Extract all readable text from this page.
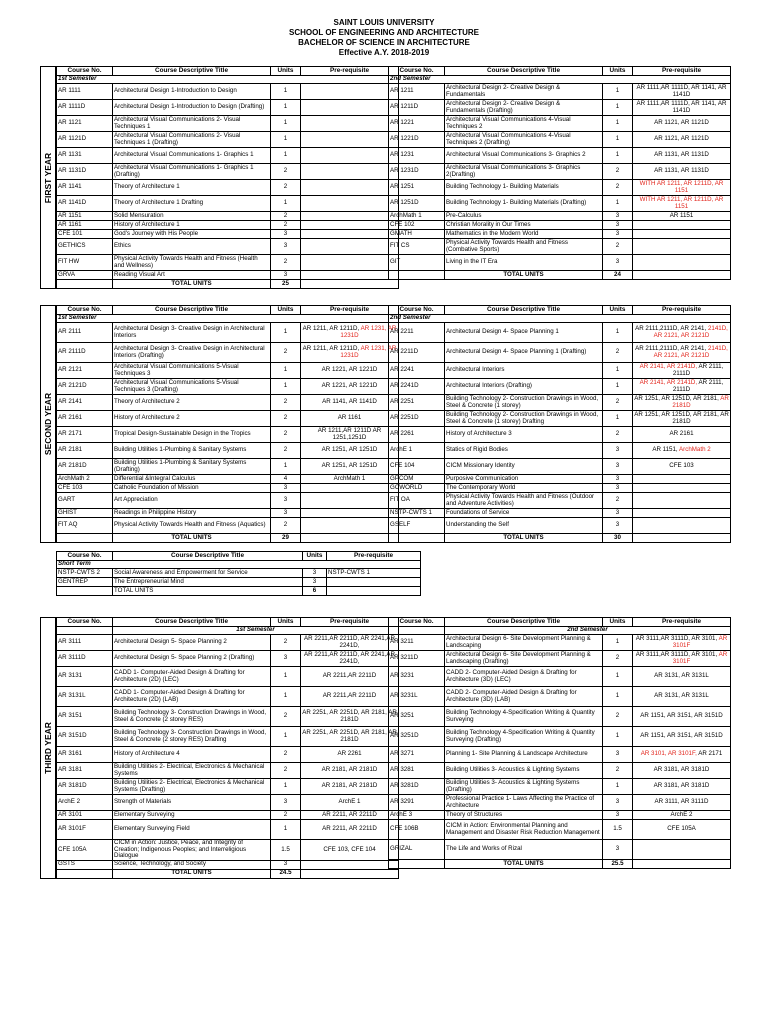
SAINT LOUIS UNIVERSITY
SCHOOL OF ENGINEERING AND ARCHITECTURE
BACHELOR OF SCIENCE IN ARCHITECTURE
Effective A.Y. 2018-2019
Course No.	Course Descriptive Title	Units	Pre-requisite
1st Semester			
AR 1111	Architectural Design 1-Introduction to Design	1	
AR 1111D	Architectural Design 1-Introduction to Design (Drafting)	1	
AR 1121	Architectural Visual Communications 2- Visual Techniques 1	1	
AR 1121D	Architectural Visual Communications 2- Visual Techniques 1 (Drafting)	1	
AR 1131	Architectural Visual Communications 1- Graphics 1	1	
AR 1131D	Architectural Visual Communications 1- Graphics 1 (Drafting)	2	
AR 1141	Theory of Architecture 1	2	
AR 1141D	Theory of Architecture 1 Drafting	1	
AR 1151	Solid Mensuration	2	
AR 1161	History of Architecture 1	2	
CFE 101	God's Journey with His People	3	
GETHICS	Ethics	3	
FIT HW	Physical Activity Towards Health and Fitness (Health and Wellness)	2	
GRVA	Reading Visual Art	3	
	TOTAL UNITS	25	
Course No.	Course Descriptive Title	Units	Pre-requisite
2nd Semester			
AR 1211	Architectural Design 2- Creative Design & Fundamentals	1	AR 1111,AR 1111D, AR 1141, AR 1141D
AR 1211D	Architectural Design 2- Creative Design & Fundamentals (Drafting)	1	AR 1111,AR 1111D, AR 1141, AR 1141D
AR 1221	Architectural Visual Communications 4-Visual Techniques 2	1	AR 1121, AR 1121D
AR 1221D	Architectural Visual Communications 4-Visual Techniques 2 (Drafting)	1	AR 1121, AR 1121D
AR 1231	Architectural Visual Communications 3- Graphics 2	1	AR 1131, AR 1131D
AR 1231D	Architectural Visual Communications 3- Graphics 2(Drafting)	2	AR 1131, AR 1131D
AR 1251	Building Technology 1- Building Materials	2	WITH AR 1211, AR 1211D, AR 1151
AR 1251D	Building Technology 1- Building Materials (Drafting)	1	WITH AR 1211, AR 1211D, AR 1151
ArchMath 1	Pre-Calculus	3	AR 1151
CFE 102	Christian Morality in Our Times	3	
GMATH	Mathematics in the Modern World	3	
FIT CS	Physical Activity Towards Health and Fitness (Combative Sports)	2	
GIT	Living in the IT Era	3	
	TOTAL UNITS	24	
FIRST YEAR
Course No.	Course Descriptive Title	Units	Pre-requisite
1st Semester			
AR 2111	Architectural Design 3- Creative Design in Architectural Interiors	1	AR 1211, AR 1211D, AR 1231, AR 1231D
AR 2111D	Architectural Design 3- Creative Design in Architectural Interiors (Drafting)	2	AR 1211, AR 1211D, AR 1231, AR 1231D
AR 2121	Architectural Visual Communications 5-Visual Techniques 3	1	AR 1221, AR 1221D
AR 2121D	Architectural Visual Communications 5-Visual Techniques 3 (Drafting)	1	AR 1221, AR 1221D
AR 2141	Theory of Architecture 2	2	AR 1141, AR 1141D
AR 2161	History of Architecture 2	2	AR 1161
AR 2171	Tropical Design-Sustainable Design in the Tropics	2	AR 1211,AR 1211D AR 1251,1251D
AR 2181	Building Utilities 1-Plumbing & Sanitary Systems	2	AR 1251, AR 1251D
AR 2181D	Building Utilities 1-Plumbing & Sanitary Systems (Drafting)	1	AR 1251, AR 1251D
ArchMath 2	Differential &Integral Calculus	4	ArchMath 1
CFE 103	Catholic Foundation of Mission	3	
GART	Art Appreciation	3	
GHIST	Readings in Philippine History	3	
FIT AQ	Physical Activity Towards Health and Fitness (Aquatics)	2	
	TOTAL UNITS	29	
Course No.	Course Descriptive Title	Units	Pre-requisite
2nd Semester			
AR 2211	Architectural Design 4- Space Planning 1	1	AR 2111,2111D, AR 2141, 2141D, AR 2121, AR 2121D
AR 2211D	Architectural Design 4- Space Planning 1 (Drafting)	2	AR 2111,2111D, AR 2141, 2141D, AR 2121, AR 2121D
AR 2241	Architectural Interiors	1	AR 2141, AR 2141D, AR 2111, 2111D
AR 2241D	Architectural Interiors (Drafting)	1	AR 2141, AR 2141D, AR 2111, 2111D
AR 2251	Building Technology 2- Construction Drawings in Wood, Steel & Concrete (1 storey)	2	AR 1251, AR 1251D, AR 2181, AR 2181D
AR 2251D	Building Technology 2- Construction Drawings in Wood, Steel & Concrete (1 storey) Drafting	1	AR 1251, AR 1251D, AR 2181, AR 2181D
AR 2261	History of Architecture 3	2	AR 2161
ArchE 1	Statics of Rigid Bodies	3	AR 1151, ArchMath 2
CFE 104	CICM Missionary Identity	3	CFE 103
GPCOM	Purposive Communication	3	
GCWORLD	The Contemporary World	3	
FIT OA	Physical Activity Towards Health and Fitness (Outdoor and Adventure Activities)	2	
NSTP-CWTS 1	Foundations of Service	3	
GSELF	Understanding the Self	3	
	TOTAL UNITS	30	
SECOND YEAR
Course No.	Course Descriptive Title	Units	Pre-requisite
Short Term			
NSTP-CWTS 2	Social Awareness and Empowerment for Service	3	NSTP-CWTS 1
GENTREP	The Entrepreneurial Mind	3	
	TOTAL UNITS	6	
Course No.	Course Descriptive Title	Units	Pre-requisite
	1st Semester		
AR 3111	Architectural Design 5- Space Planning 2	2	AR 2211,AR 2211D, AR 2241,AR 2241D,
AR 3111D	Architectural Design 5- Space Planning 2 (Drafting)	3	AR 2211,AR 2211D, AR 2241,AR 2241D,
AR 3131	CADD 1- Computer-Aided Design & Drafting for Architecture (2D) (LEC)	1	AR 2211,AR 2211D
AR 3131L	CADD 1- Computer-Aided Design & Drafting for Architecture (2D) (LAB)	1	AR 2211,AR 2211D
AR 3151	Building Technology 3- Construction Drawings in Wood, Steel & Concrete (2 storey RES)	2	AR 2251, AR 2251D, AR 2181, AR 2181D
AR 3151D	Building Technology 3- Construction Drawings in Wood, Steel & Concrete (2 storey RES) Drafting	1	AR 2251, AR 2251D, AR 2181, AR 2181D
AR 3161	History of Architecture 4	2	AR 2261
AR 3181	Building Utilities 2- Electrical, Electronics & Mechanical Systems	2	AR 2181, AR 2181D
AR 3181D	Building Utilities 2- Electrical, Electronics & Mechanical Systems (Drafting)	1	AR 2181, AR 2181D
ArchE 2	Strength of Materials	3	ArchE 1
AR 3101	Elementary Surveying	2	AR 2211, AR 2211D
AR 3101F	Elementary Surveying Field	1	AR 2211, AR 2211D
CFE 105A	CICM in Action: Justice, Peace, and Integrity of Creation; Indigenous Peoples; and Interreligious Dialogue	1.5	CFE 103, CFE 104
GSTS	Science, Technology, and Society	3	
	TOTAL UNITS	24.5	
Course No.	Course Descriptive Title	Units	Pre-requisite
	2nd Semester		
AR 3211	Architectural Design 6- Site Development Planning & Landscaping	1	AR 3111,AR 3111D, AR 3101, AR 3101F
AR 3211D	Architectural Design 6- Site Development Planning & Landscaping (Drafting)	2	AR 3111,AR 3111D, AR 3101, AR 3101F
AR 3231	CADD 2- Computer-Aided Design & Drafting for Architecture (3D) (LEC)	1	AR 3131, AR 3131L
AR 3231L	CADD 2- Computer-Aided Design & Drafting for Architecture (3D) (LAB)	1	AR 3131, AR 3131L
AR 3251	Building Technology 4-Specification Writing & Quantity Surveying	2	AR 1151, AR 3151, AR 3151D
AR 3251D	Building Technology 4-Specification Writing & Quantity Surveying (Drafting)	1	AR 1151, AR 3151, AR 3151D
AR 3271	Planning 1- Site Planning & Landscape Architecture	3	AR 3101, AR 3101F, AR 2171
AR 3281	Building Utilities 3- Acoustics & Lighting Systems	2	AR 3181, AR 3181D
AR 3281D	Building Utilities 3- Acoustics & Lighting Systems (Drafting)	1	AR 3181, AR 3181D
AR 3291	Professional Practice 1- Laws Affecting the Practice of Architecture	3	AR 3111, AR 3111D
ArchE 3	Theory of Structures	3	ArchE 2
CFE 106B	CICM in Action: Environmental Planning and Management and Disaster Risk Reduction Management	1.5	CFE 105A
GRIZAL	The Life and Works of Rizal	3	
	TOTAL UNITS	25.5	
THIRD YEAR
